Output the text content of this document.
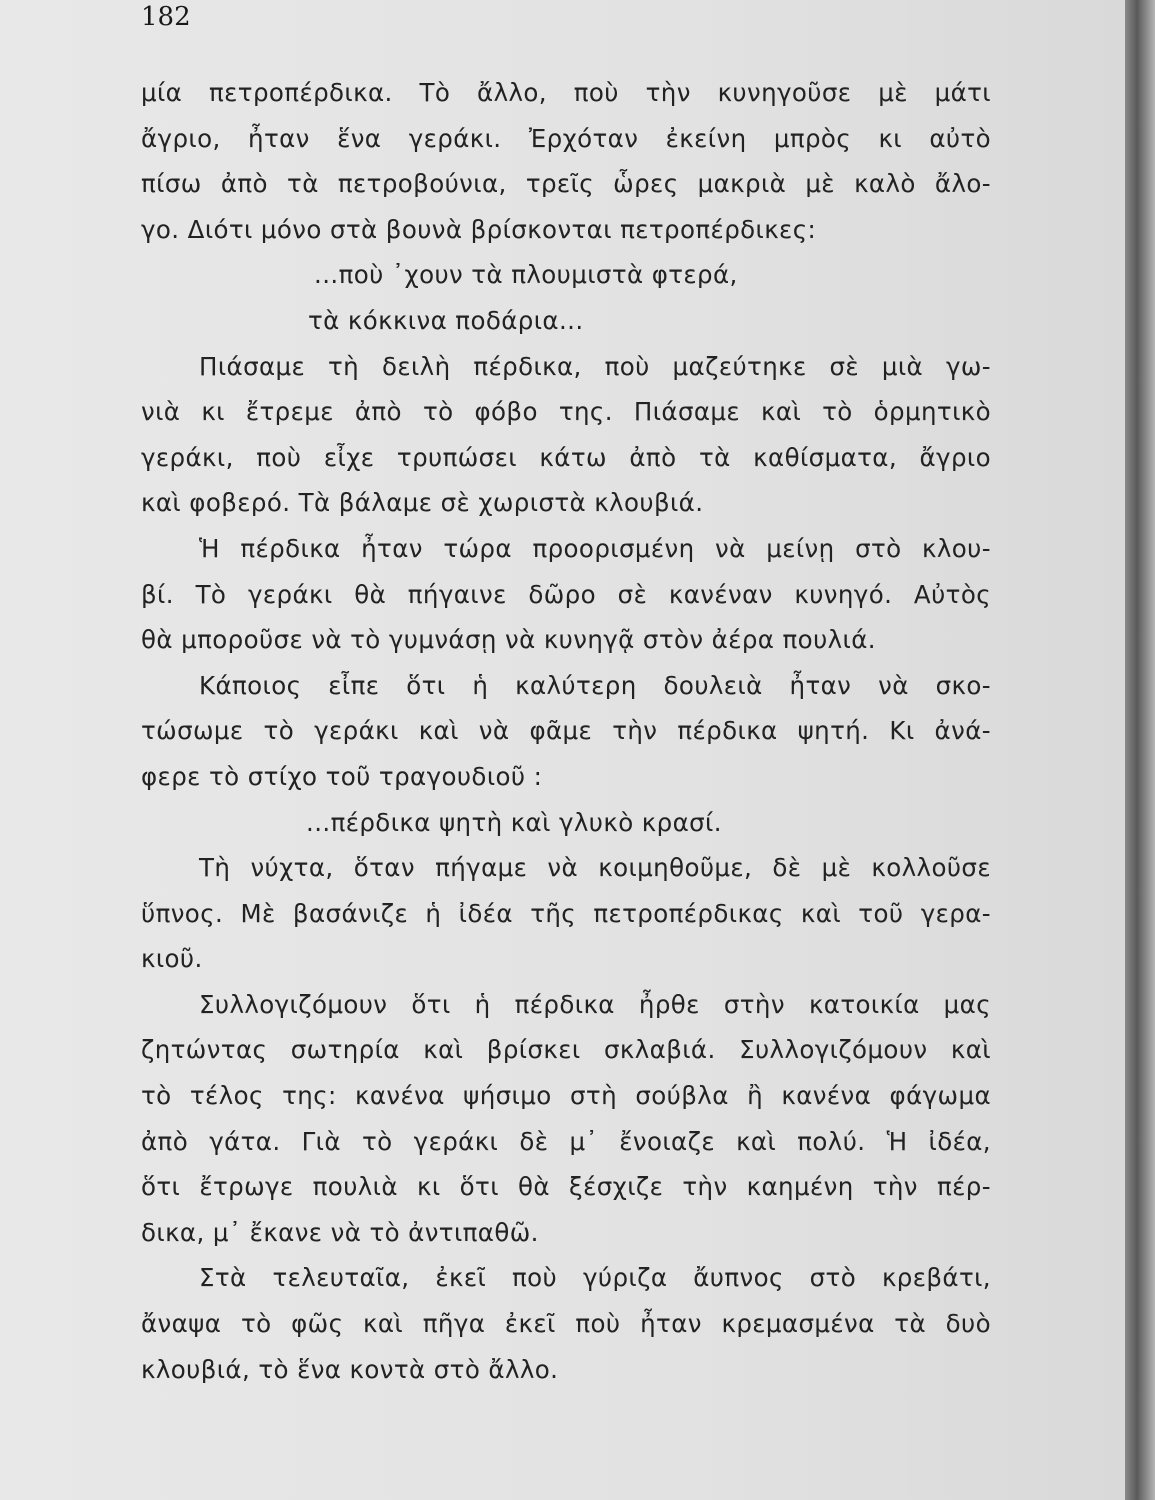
182
μία πετροπέρδικα. Τὸ ἄλλο, ποὺ τὴν κυνηγοῦσε μὲ μάτι
ἄγριο, ἦταν ἕνα γεράκι. Ἐρχόταν ἐκείνη μπρὸς κι αὐτὸ
πίσω ἀπὸ τὰ πετροβούνια, τρεῖς ὧρες μακριὰ μὲ καλὸ ἄλο-
γο. Διότι μόνο στὰ βουνὰ βρίσκονται πετροπέρδικες:
...ποὺ ᾿χουν τὰ πλουμιστὰ φτερά,
τὰ κόκκινα ποδάρια...
Πιάσαμε τὴ δειλὴ πέρδικα, ποὺ μαζεύτηκε σὲ μιὰ γω-
νιὰ κι ἔτρεμε ἀπὸ τὸ φόβο της. Πιάσαμε καὶ τὸ ὁρμητικὸ
γεράκι, ποὺ εἶχε τρυπώσει κάτω ἀπὸ τὰ καθίσματα, ἄγριο
καὶ φοβερό. Τὰ βάλαμε σὲ χωριστὰ κλουβιά.
Ἡ πέρδικα ἦταν τώρα προορισμένη νὰ μείνῃ στὸ κλου-
βί. Τὸ γεράκι θὰ πήγαινε δῶρο σὲ κανέναν κυνηγό. Αὐτὸς
θὰ μποροῦσε νὰ τὸ γυμνάσῃ νὰ κυνηγᾷ στὸν ἀέρα πουλιά.
Κάποιος εἶπε ὅτι ἡ καλύτερη δουλειὰ ἦταν νὰ σκο-
τώσωμε τὸ γεράκι καὶ νὰ φᾶμε τὴν πέρδικα ψητή. Κι ἀνά-
φερε τὸ στίχο τοῦ τραγουδιοῦ :
...πέρδικα ψητὴ καὶ γλυκὸ κρασί.
Τὴ νύχτα, ὅταν πήγαμε νὰ κοιμηθοῦμε, δὲ μὲ κολλοῦσε
ὕπνος. Μὲ βασάνιζε ἡ ἰδέα τῆς πετροπέρδικας καὶ τοῦ γερα-
κιοῦ.
Συλλογιζόμουν ὅτι ἡ πέρδικα ἦρθε στὴν κατοικία μας
ζητώντας σωτηρία καὶ βρίσκει σκλαβιά. Συλλογιζόμουν καὶ
τὸ τέλος της: κανένα ψήσιμο στὴ σούβλα ἢ κανένα φάγωμα
ἀπὸ γάτα. Γιὰ τὸ γεράκι δὲ μ᾿ ἔνοιαζε καὶ πολύ. Ἡ ἰδέα,
ὅτι ἔτρωγε πουλιὰ κι ὅτι θὰ ξέσχιζε τὴν καημένη τὴν πέρ-
δικα, μ᾿ ἔκανε νὰ τὸ ἀντιπαθῶ.
Στὰ τελευταῖα, ἐκεῖ ποὺ γύριζα ἄυπνος στὸ κρεβάτι,
ἄναψα τὸ φῶς καὶ πῆγα ἐκεῖ ποὺ ἦταν κρεμασμένα τὰ δυὸ
κλουβιά, τὸ ἕνα κοντὰ στὸ ἄλλο.
